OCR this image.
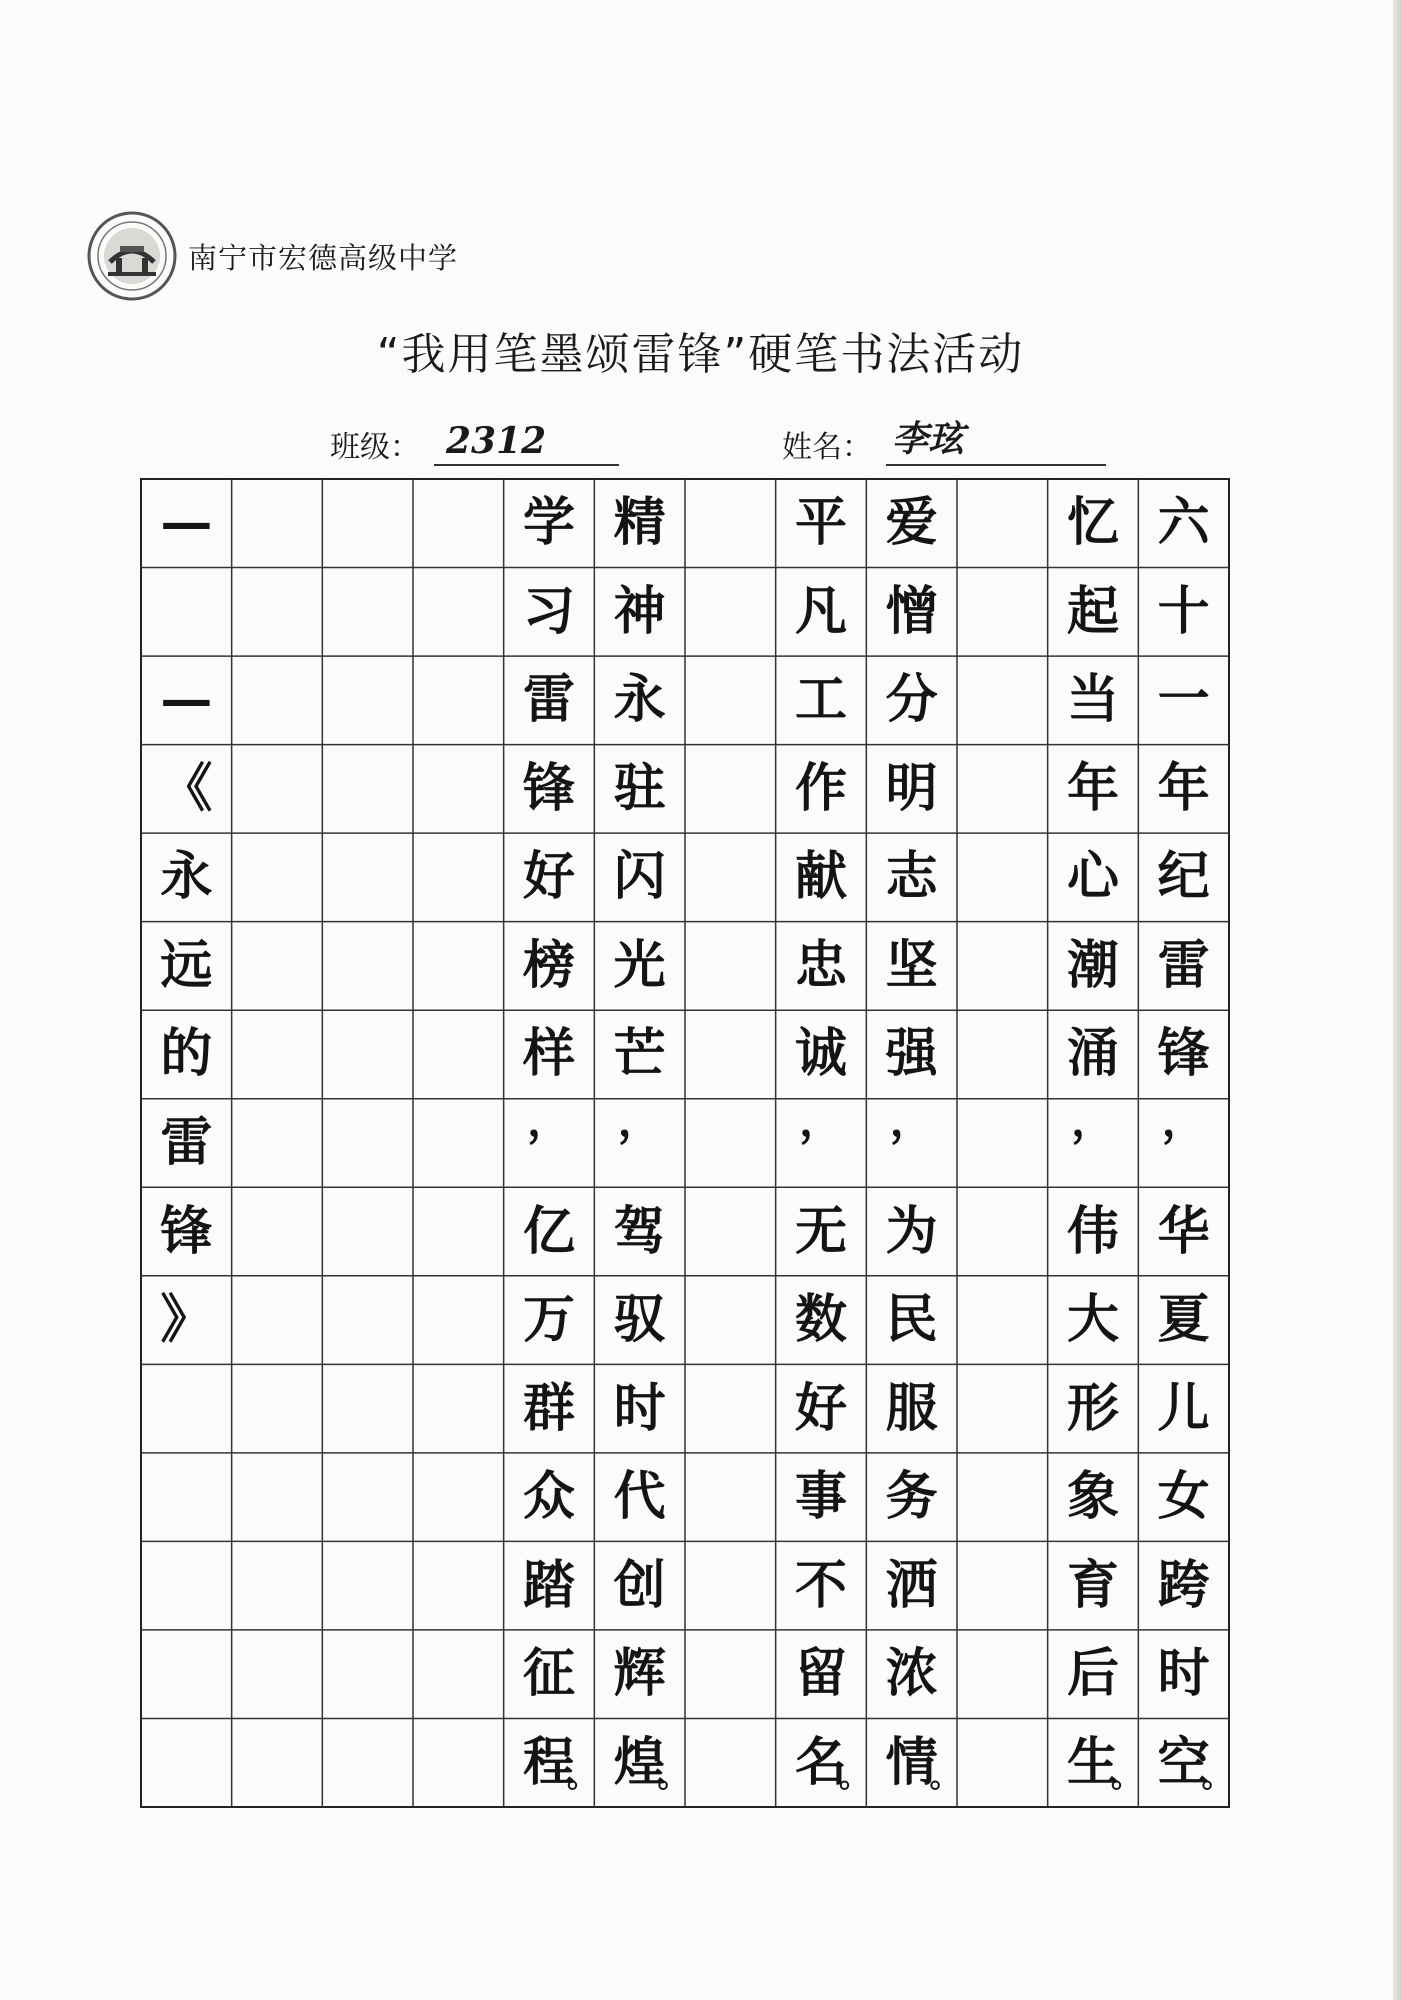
南宁市宏德高级中学
“我用笔墨颂雷锋”硬笔书法活动
班级： 2312	姓名： 李玹
六
十
一
年
纪
雷
锋
，
华
夏
儿
女
跨
时
空
。
忆
起
当
年
心
潮
涌
，
伟
大
形
象
育
后
生
。
爱
憎
分
明
志
坚
强
，
为
民
服
务
洒
浓
情
。
平
凡
工
作
献
忠
诚
，
无
数
好
事
不
留
名
。
精
神
永
驻
闪
光
芒
，
驾
驭
时
代
创
辉
煌
。
学
习
雷
锋
好
榜
样
，
亿
万
群
众
踏
征
程
。
—
—
《
永
远
的
雷
锋
》
